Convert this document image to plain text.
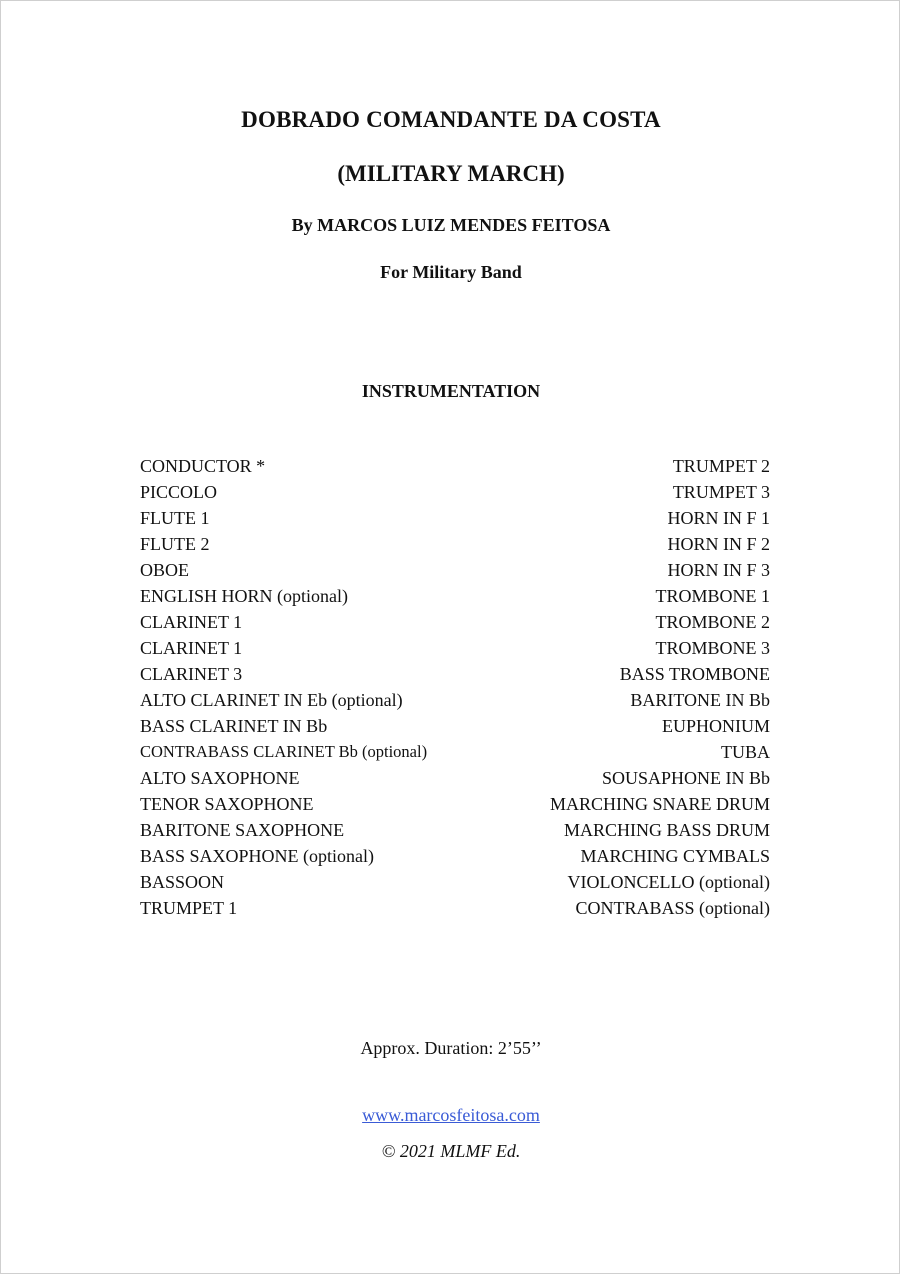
DOBRADO COMANDANTE DA COSTA
(MILITARY MARCH)
By MARCOS LUIZ MENDES FEITOSA
For Military Band
INSTRUMENTATION
CONDUCTOR *
PICCOLO
FLUTE 1
FLUTE 2
OBOE
ENGLISH HORN (optional)
CLARINET 1
CLARINET 1
CLARINET 3
ALTO CLARINET IN Eb (optional)
BASS CLARINET IN Bb
CONTRABASS CLARINET Bb (optional)
ALTO SAXOPHONE
TENOR SAXOPHONE
BARITONE SAXOPHONE
BASS SAXOPHONE (optional)
BASSOON
TRUMPET 1
TRUMPET 2
TRUMPET 3
HORN IN F 1
HORN IN F 2
HORN IN F 3
TROMBONE 1
TROMBONE 2
TROMBONE 3
BASS TROMBONE
BARITONE IN Bb
EUPHONIUM
TUBA
SOUSAPHONE IN Bb
MARCHING SNARE DRUM
MARCHING BASS DRUM
MARCHING CYMBALS
VIOLONCELLO (optional)
CONTRABASS (optional)
Approx. Duration: 2’55’’
www.marcosfeitosa.com
© 2021 MLMF Ed.
